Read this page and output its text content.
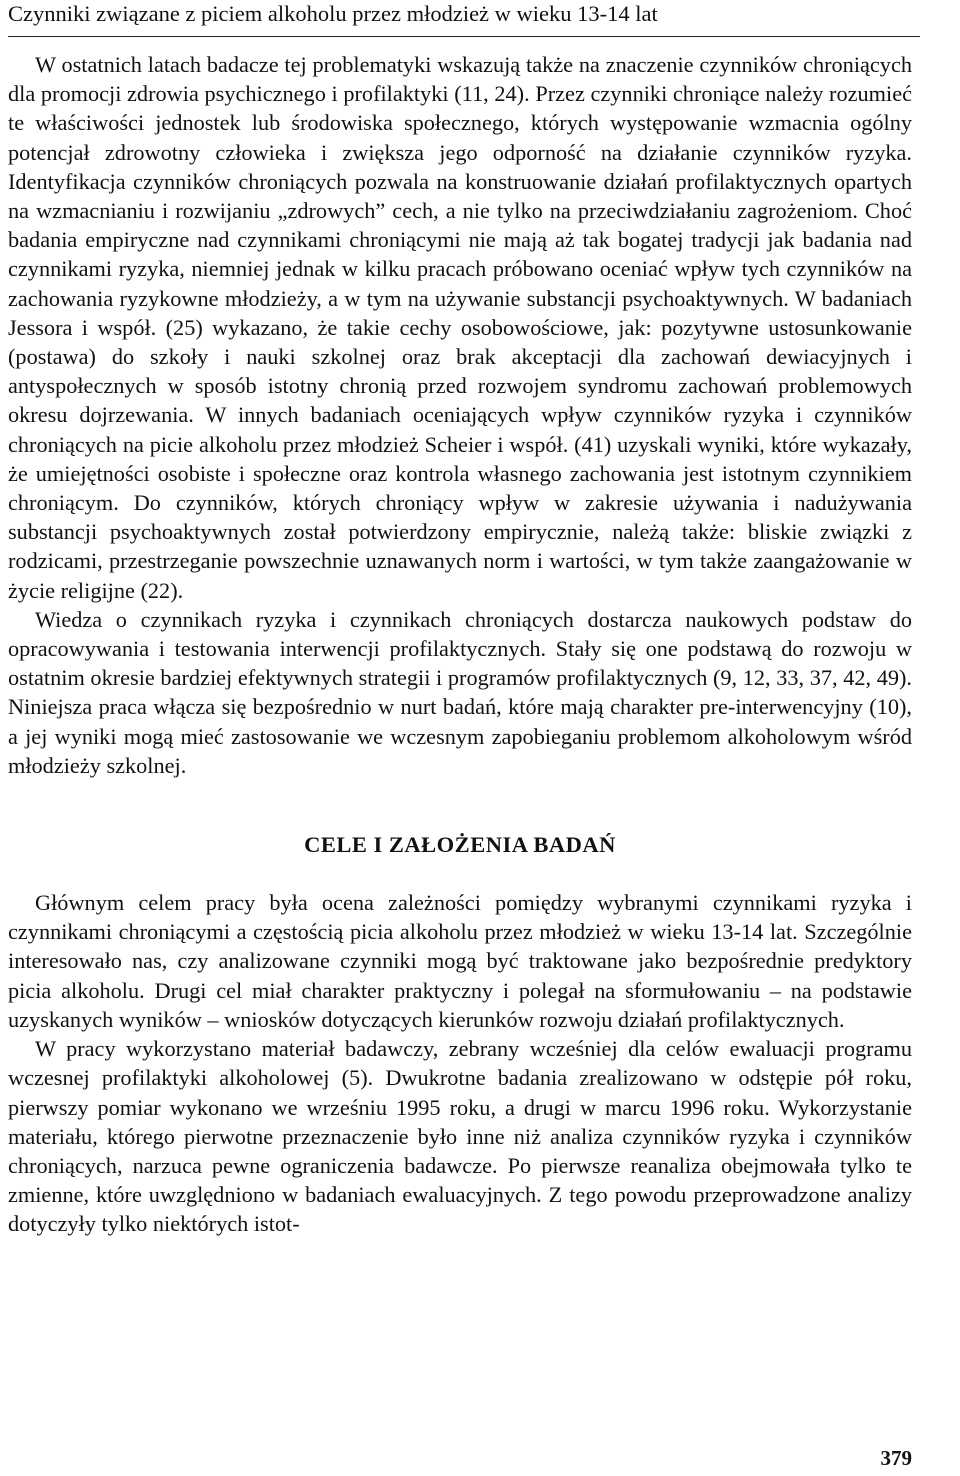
Czynniki związane z piciem alkoholu przez młodzież w wieku 13-14 lat

W ostatnich latach badacze tej problematyki wskazują także na znaczenie czynników chroniących dla promocji zdrowia psychicznego i profilaktyki (11, 24). Przez czynniki chroniące należy rozumieć te właściwości jednostek lub środowiska społecznego, których występowanie wzmacnia ogólny potencjał zdrowotny człowieka i zwiększa jego odporność na działanie czynników ryzyka. Identyfikacja czynników chroniących pozwala na konstruowanie działań profilaktycznych opartych na wzmacnianiu i rozwijaniu „zdrowych” cech, a nie tylko na przeciwdziałaniu zagrożeniom. Choć badania empiryczne nad czynnikami chroniącymi nie mają aż tak bogatej tradycji jak badania nad czynnikami ryzyka, niemniej jednak w kilku pracach próbowano oceniać wpływ tych czynników na zachowania ryzykowne młodzieży, a w tym na używanie substancji psychoaktywnych. W badaniach Jessora i współ. (25) wykazano, że takie cechy osobowościowe, jak: pozytywne ustosunkowanie (postawa) do szkoły i nauki szkolnej oraz brak akceptacji dla zachowań dewiacyjnych i antyspołecznych w sposób istotny chronią przed rozwojem syndromu zachowań problemowych okresu dojrzewania. W innych badaniach oceniających wpływ czynników ryzyka i czynników chroniących na picie alkoholu przez młodzież Scheier i współ. (41) uzyskali wyniki, które wykazały, że umiejętności osobiste i społeczne oraz kontrola własnego zachowania jest istotnym czynnikiem chroniącym. Do czynników, których chroniący wpływ w zakresie używania i nadużywania substancji psychoaktywnych został potwierdzony empirycznie, należą także: bliskie związki z rodzicami, przestrzeganie powszechnie uznawanych norm i wartości, w tym także zaangażowanie w życie religijne (22).

Wiedza o czynnikach ryzyka i czynnikach chroniących dostarcza naukowych podstaw do opracowywania i testowania interwencji profilaktycznych. Stały się one podstawą do rozwoju w ostatnim okresie bardziej efektywnych strategii i programów profilaktycznych (9, 12, 33, 37, 42, 49). Niniejsza praca włącza się bezpośrednio w nurt badań, które mają charakter pre-interwencyjny (10), a jej wyniki mogą mieć zastosowanie we wczesnym zapobieganiu problemom alkoholowym wśród młodzieży szkolnej.

CELE I ZAŁOŻENIA BADAŃ

Głównym celem pracy była ocena zależności pomiędzy wybranymi czynnikami ryzyka i czynnikami chroniącymi a częstością picia alkoholu przez młodzież w wieku 13-14 lat. Szczególnie interesowało nas, czy analizowane czynniki mogą być traktowane jako bezpośrednie predyktory picia alkoholu. Drugi cel miał charakter praktyczny i polegał na sformułowaniu – na podstawie uzyskanych wyników – wniosków dotyczących kierunków rozwoju działań profilaktycznych.

W pracy wykorzystano materiał badawczy, zebrany wcześniej dla celów ewaluacji programu wczesnej profilaktyki alkoholowej (5). Dwukrotne badania zrealizowano w odstępie pół roku, pierwszy pomiar wykonano we wrześniu 1995 roku, a drugi w marcu 1996 roku. Wykorzystanie materiału, którego pierwotne przeznaczenie było inne niż analiza czynników ryzyka i czynników chroniących, narzuca pewne ograniczenia badawcze. Po pierwsze reanaliza obejmowała tylko te zmienne, które uwzględniono w badaniach ewaluacyjnych. Z tego powodu przeprowadzone analizy dotyczyły tylko niektórych istot-

379
